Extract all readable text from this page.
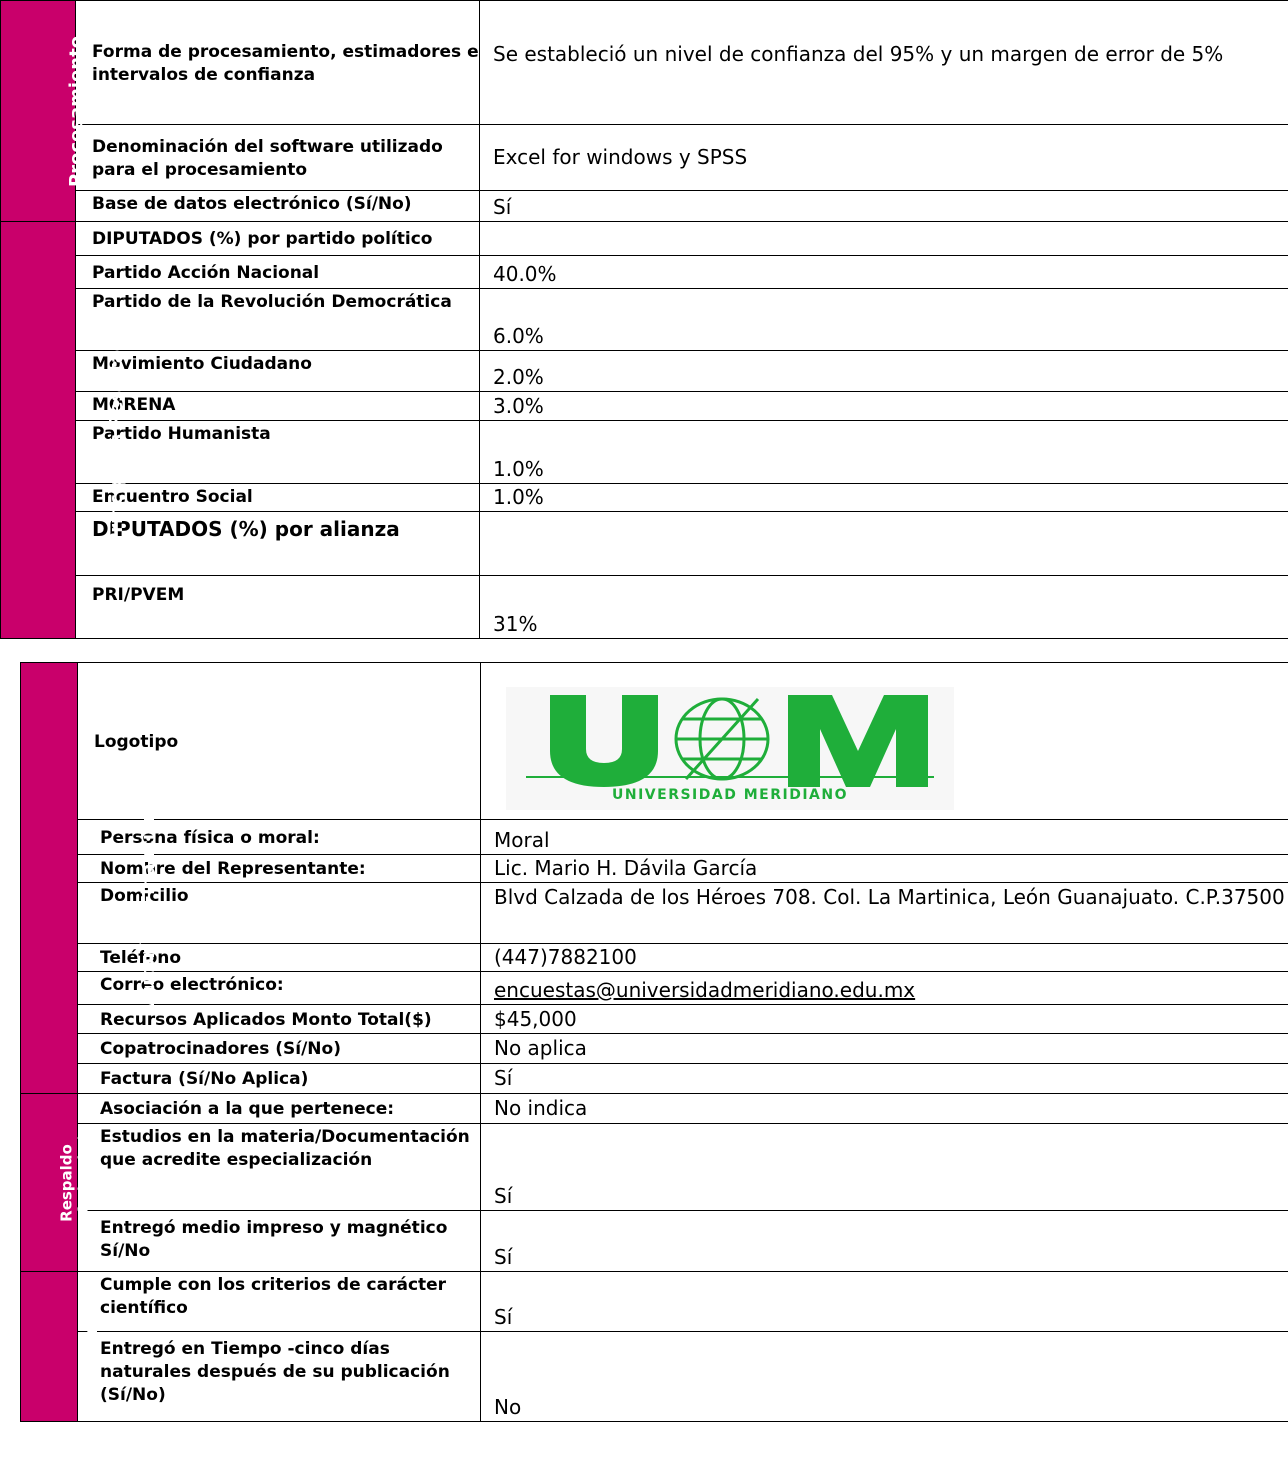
Procesamiento	Forma de procesamiento, estimadores e intervalos de confianza	Se estableció un nivel de confianza del 95% y un margen de error de 5%
	Denominación del software utilizado para el procesamiento	Excel for windows y SPSS
	Base de datos electrónico (Sí/No)	Sí
Principales Resultados	DIPUTADOS (%) por partido político	
	Partido Acción Nacional	40.0%
	Partido de la Revolución Democrática	6.0%
	Movimiento Ciudadano	2.0%
	MORENA	3.0%
	Partido Humanista	1.0%
	Encuentro Social	1.0%
	DIPUTADOS (%) por alianza	
	PRI/PVEM	31%
Autoría y Financiamiento	Logotipo	UNIVERSIDAD MERIDIANO

	Persona física o moral:	Moral
	Nombre del Representante:	Lic. Mario H. Dávila García
	Domicilio	Blvd Calzada de los Héroes 708. Col. La Martinica, León Guanajuato. C.P.37500
	Teléfono	(447)7882100
	Correo electrónico:	encuestas@universidadmeridiano.edu.mx
	Recursos Aplicados Monto Total($)	$45,000
	Copatrocinadores (Sí/No)	No aplica
	Factura (Sí/No Aplica)	Sí

Respaldo profesional y/o	Asociación a la que pertenece:	No indica
	Estudios en la materia/Documentación que acredite especialización	Sí
	Entregó medio impreso y magnético Sí/No	Sí
Cumplimiento	Cumple con los criterios de carácter científico	Sí
	Entregó en Tiempo -cinco días naturales después de su publicación (Sí/No)	No
